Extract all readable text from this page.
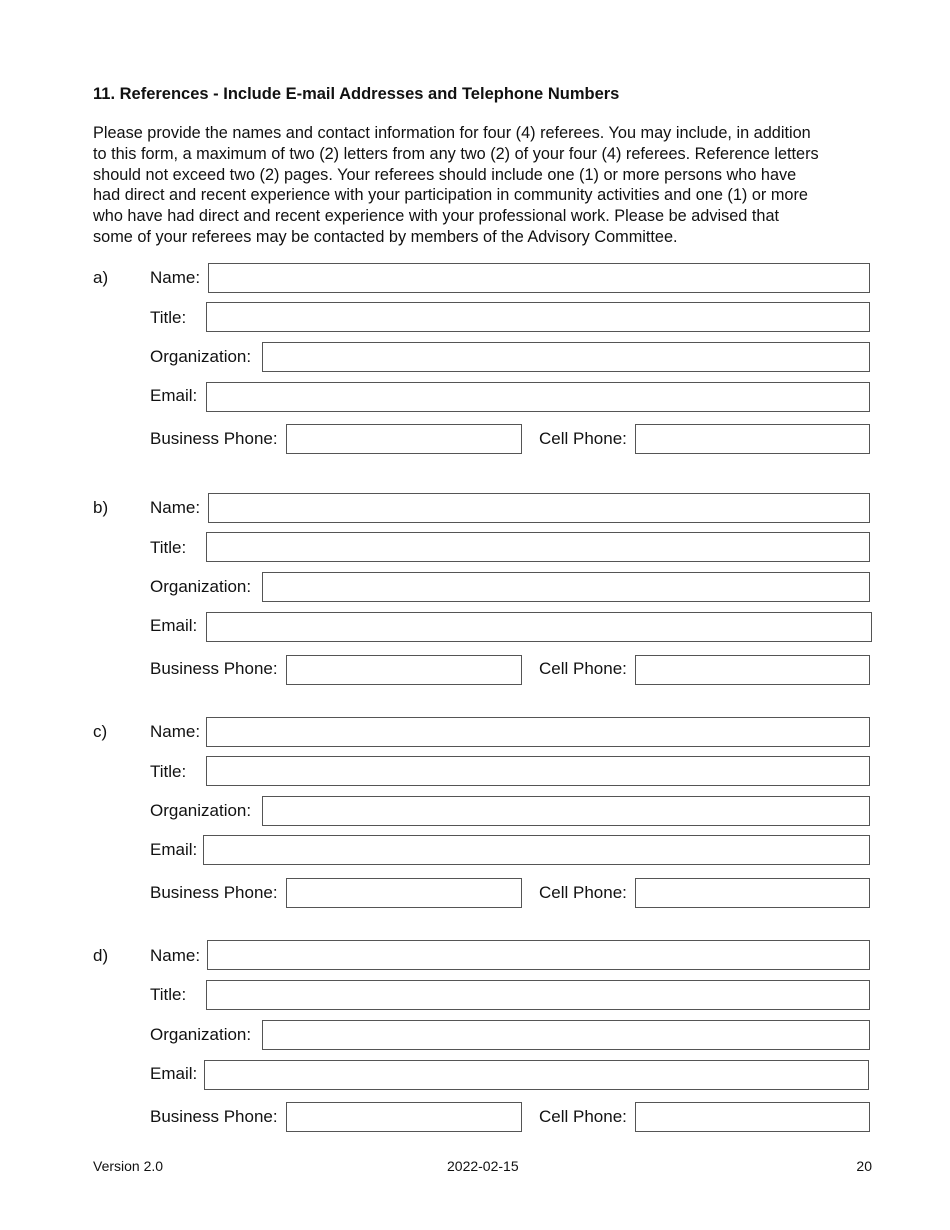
11. References - Include E-mail Addresses and Telephone Numbers
Please provide the names and contact information for four (4) referees. You may include, in addition
to this form, a maximum of two (2) letters from any two (2) of your four (4) referees. Reference letters
should not exceed two (2) pages. Your referees should include one (1) or more persons who have
had direct and recent experience with your participation in community activities and one (1) or more
who have had direct and recent experience with your professional work. Please be advised that
some of your referees may be contacted by members of the Advisory Committee.
a) Name:
Title:
Organization:
Email:
Business Phone:	Cell Phone:
b) Name:
Title:
Organization:
Email:
Business Phone:	Cell Phone:
c)	Name:
Title:
Organization:
Email:
Business Phone:	Cell Phone:
d) Name:
Title:
Organization:
Email:
Business Phone:	Cell Phone:
Version 2.0	2022-02-15	20
